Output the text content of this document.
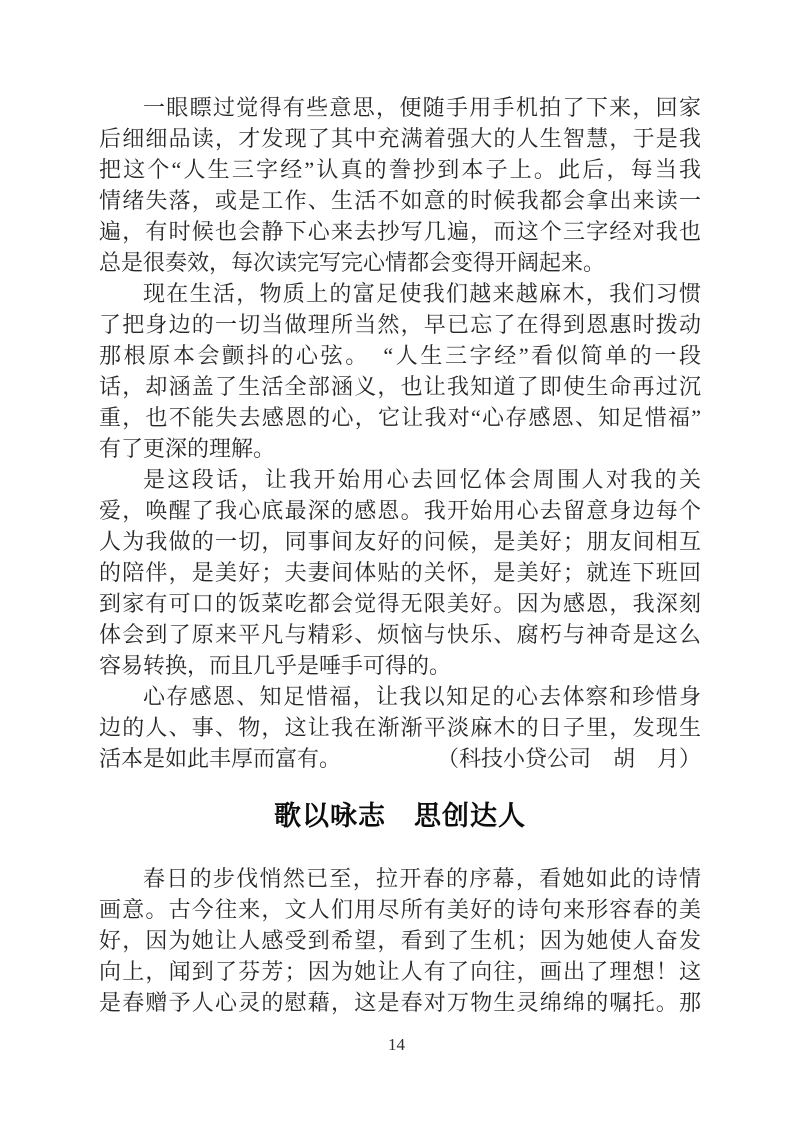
一眼瞟过觉得有些意思，便随手用手机拍了下来，回家
后细细品读，才发现了其中充满着强大的人生智慧，于是我
把这个“人生三字经”认真的誊抄到本子上。此后，每当我
情绪失落，或是工作、生活不如意的时候我都会拿出来读一
遍，有时候也会静下心来去抄写几遍，而这个三字经对我也
总是很奏效，每次读完写完心情都会变得开阔起来。
现在生活，物质上的富足使我们越来越麻木，我们习惯
了把身边的一切当做理所当然，早已忘了在得到恩惠时拨动
那根原本会颤抖的心弦。　“人生三字经”看似简单的一段
话，却涵盖了生活全部涵义，也让我知道了即使生命再过沉
重，也不能失去感恩的心，它让我对“心存感恩、知足惜福”
有了更深的理解。
是这段话，让我开始用心去回忆体会周围人对我的关
爱，唤醒了我心底最深的感恩。我开始用心去留意身边每个
人为我做的一切，同事间友好的问候，是美好；朋友间相互
的陪伴，是美好；夫妻间体贴的关怀，是美好；就连下班回
到家有可口的饭菜吃都会觉得无限美好。因为感恩，我深刻
体会到了原来平凡与精彩、烦恼与快乐、腐朽与神奇是这么
容易转换，而且几乎是唾手可得的。
心存感恩、知足惜福，让我以知足的心去体察和珍惜身
边的人、事、物，这让我在渐渐平淡麻木的日子里，发现生
活本是如此丰厚而富有。	（科技小贷公司　胡　月）
歌以咏志　思创达人
春日的步伐悄然已至，拉开春的序幕，看她如此的诗情
画意。古今往来，文人们用尽所有美好的诗句来形容春的美
好，因为她让人感受到希望，看到了生机；因为她使人奋发
向上，闻到了芬芳；因为她让人有了向往，画出了理想！这
是春赠予人心灵的慰藉，这是春对万物生灵绵绵的嘱托。那
14
